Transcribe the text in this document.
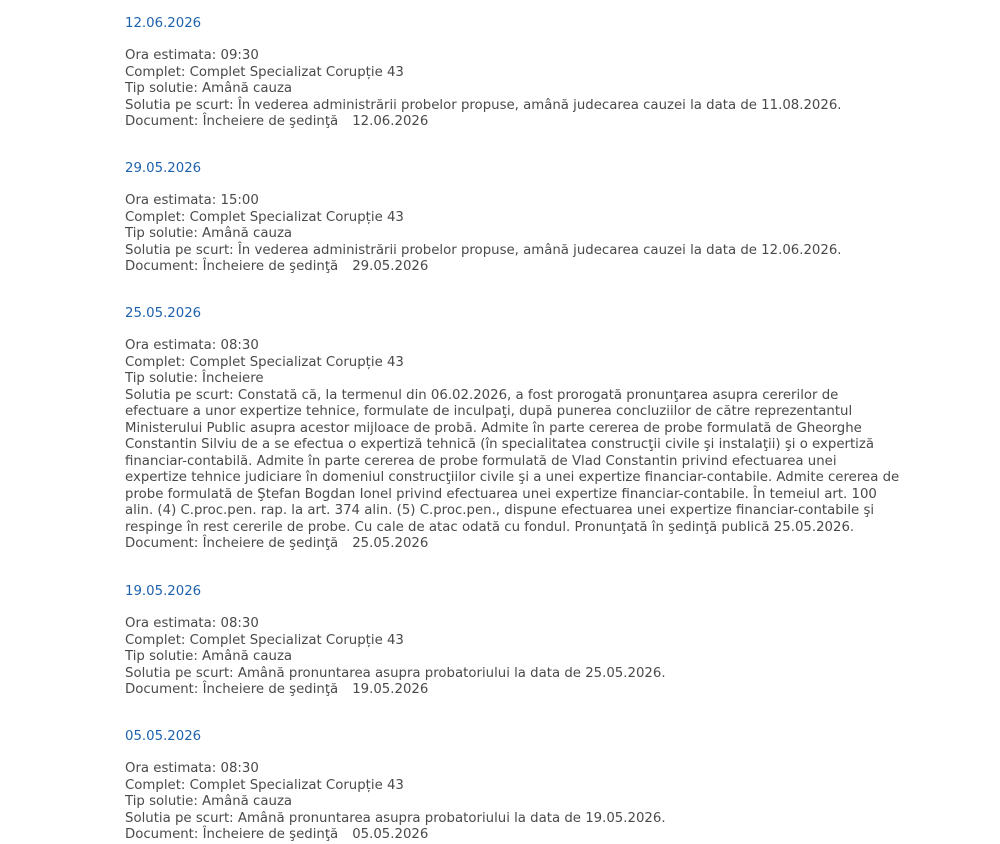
12.06.2026
Ora estimata: 09:30
Complet: Complet Specializat Corupție 43
Tip solutie: Amână cauza
Solutia pe scurt: În vederea administrării probelor propuse, amână judecarea cauzei la data de 11.08.2026.
Document: Încheiere de şedinţă 12.06.2026
29.05.2026
Ora estimata: 15:00
Complet: Complet Specializat Corupție 43
Tip solutie: Amână cauza
Solutia pe scurt: În vederea administrării probelor propuse, amână judecarea cauzei la data de 12.06.2026.
Document: Încheiere de şedinţă 29.05.2026
25.05.2026
Ora estimata: 08:30
Complet: Complet Specializat Corupție 43
Tip solutie: Încheiere
Solutia pe scurt: Constată că, la termenul din 06.02.2026, a fost prorogată pronunţarea asupra cererilor de efectuare a unor expertize tehnice, formulate de inculpaţi, după punerea concluziilor de către reprezentantul Ministerului Public asupra acestor mijloace de probă. Admite în parte cererea de probe formulată de Gheorghe Constantin Silviu de a se efectua o expertiză tehnică (în specialitatea construcţii civile şi instalaţii) şi o expertiză financiar-contabilă. Admite în parte cererea de probe formulată de Vlad Constantin privind efectuarea unei expertize tehnice judiciare în domeniul construcţiilor civile şi a unei expertize financiar-contabile. Admite cererea de probe formulată de Ştefan Bogdan Ionel privind efectuarea unei expertize financiar-contabile. În temeiul art. 100 alin. (4) C.proc.pen. rap. la art. 374 alin. (5) C.proc.pen., dispune efectuarea unei expertize financiar-contabile şi respinge în rest cererile de probe. Cu cale de atac odată cu fondul. Pronunţată în şedinţă publică 25.05.2026.
Document: Încheiere de şedinţă 25.05.2026
19.05.2026
Ora estimata: 08:30
Complet: Complet Specializat Corupție 43
Tip solutie: Amână cauza
Solutia pe scurt: Amână pronuntarea asupra probatoriului la data de 25.05.2026.
Document: Încheiere de şedinţă 19.05.2026
05.05.2026
Ora estimata: 08:30
Complet: Complet Specializat Corupție 43
Tip solutie: Amână cauza
Solutia pe scurt: Amână pronuntarea asupra probatoriului la data de 19.05.2026.
Document: Încheiere de şedinţă 05.05.2026
